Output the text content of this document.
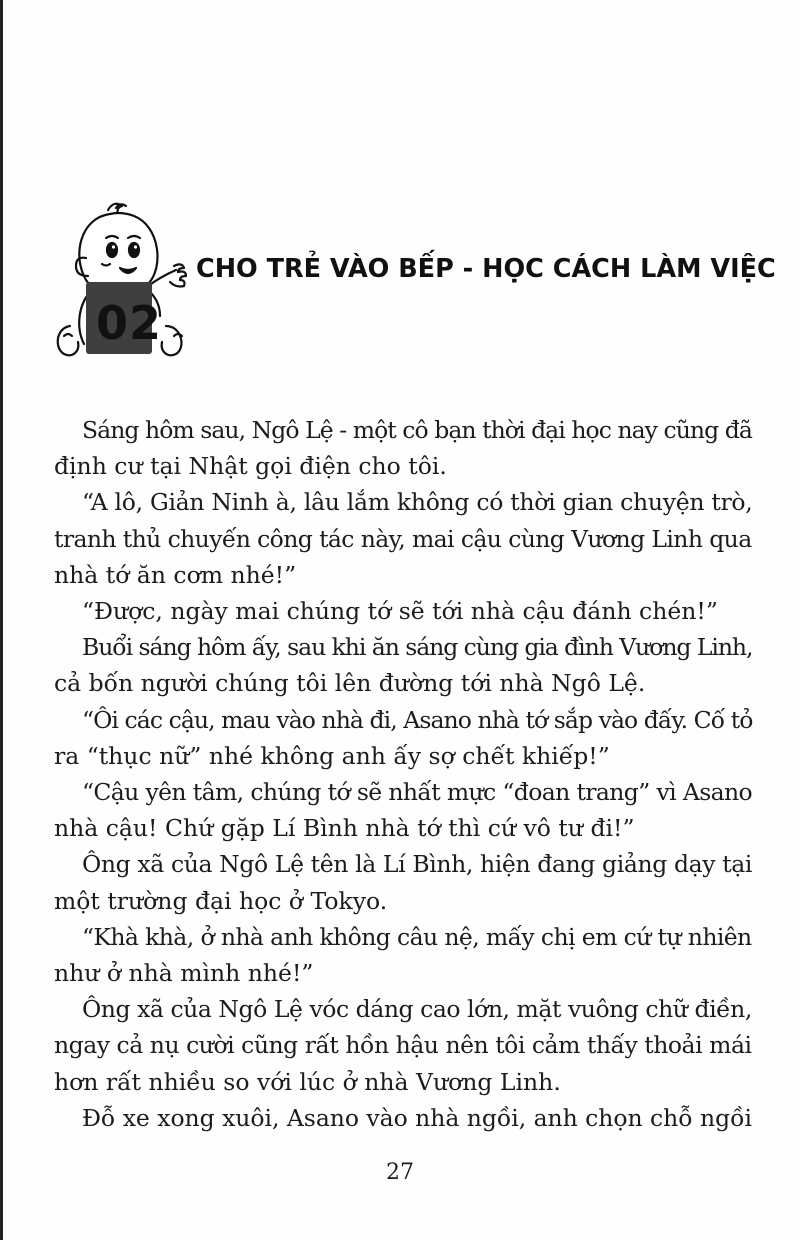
02
CHO TRẺ VÀO BẾP - HỌC CÁCH LÀM VIỆC
Sáng hôm sau, Ngô Lệ - một cô bạn thời đại học nay cũng đã
định cư tại Nhật gọi điện cho tôi.
“A lô, Giản Ninh à, lâu lắm không có thời gian chuyện trò,
tranh thủ chuyến công tác này, mai cậu cùng Vương Linh qua
nhà tớ ăn cơm nhé!”
“Được, ngày mai chúng tớ sẽ tới nhà cậu đánh chén!”
Buổi sáng hôm ấy, sau khi ăn sáng cùng gia đình Vương Linh,
cả bốn người chúng tôi lên đường tới nhà Ngô Lệ.
“Ôi các cậu, mau vào nhà đi, Asano nhà tớ sắp vào đấy. Cố tỏ
ra “thục nữ” nhé không anh ấy sợ chết khiếp!”
“Cậu yên tâm, chúng tớ sẽ nhất mực “đoan trang” vì Asano
nhà cậu! Chứ gặp Lí Bình nhà tớ thì cứ vô tư đi!”
Ông xã của Ngô Lệ tên là Lí Bình, hiện đang giảng dạy tại
một trường đại học ở Tokyo.
“Khà khà, ở nhà anh không câu nệ, mấy chị em cứ tự nhiên
như ở nhà mình nhé!”
Ông xã của Ngô Lệ vóc dáng cao lớn, mặt vuông chữ điền,
ngay cả nụ cười cũng rất hồn hậu nên tôi cảm thấy thoải mái
hơn rất nhiều so với lúc ở nhà Vương Linh.
Đỗ xe xong xuôi, Asano vào nhà ngồi, anh chọn chỗ ngồi
27
